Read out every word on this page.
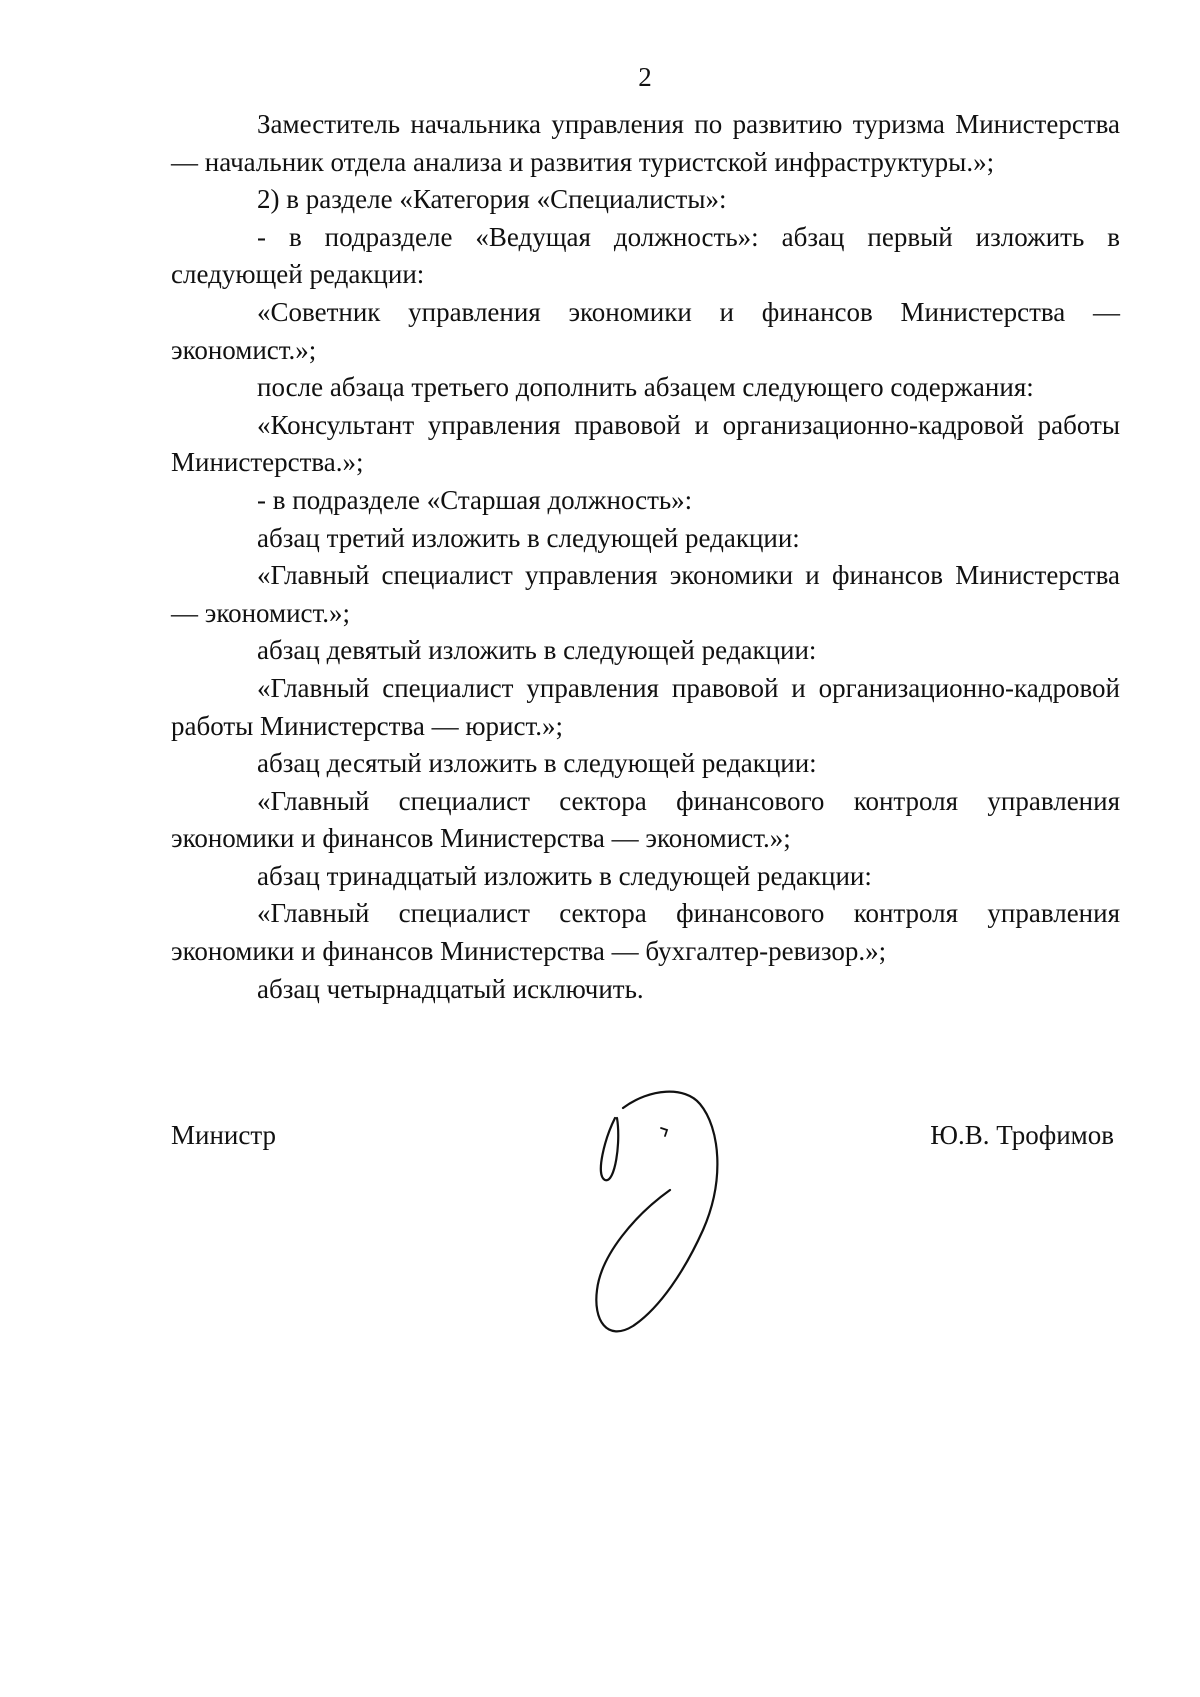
2

Заместитель начальника управления по развитию туризма Министерства — начальник отдела анализа и развития туристской инфраструктуры.»;

2) в разделе «Категория «Специалисты»:

- в подразделе «Ведущая должность»: абзац первый изложить в следующей редакции:

«Советник управления экономики и финансов Министерства — экономист.»;

после абзаца третьего дополнить абзацем следующего содержания:

«Консультант управления правовой и организационно-кадровой работы Министерства.»;

- в подразделе «Старшая должность»:

абзац третий изложить в следующей редакции:

«Главный специалист управления экономики и финансов Министерства — экономист.»;

абзац девятый изложить в следующей редакции:

«Главный специалист управления правовой и организационно-кадровой работы Министерства — юрист.»;

абзац десятый изложить в следующей редакции:

«Главный специалист сектора финансового контроля управления экономики и финансов Министерства — экономист.»;

абзац тринадцатый изложить в следующей редакции:

«Главный специалист сектора финансового контроля управления экономики и финансов Министерства — бухгалтер-ревизор.»;

абзац четырнадцатый исключить.

Министр	Ю.В. Трофимов
